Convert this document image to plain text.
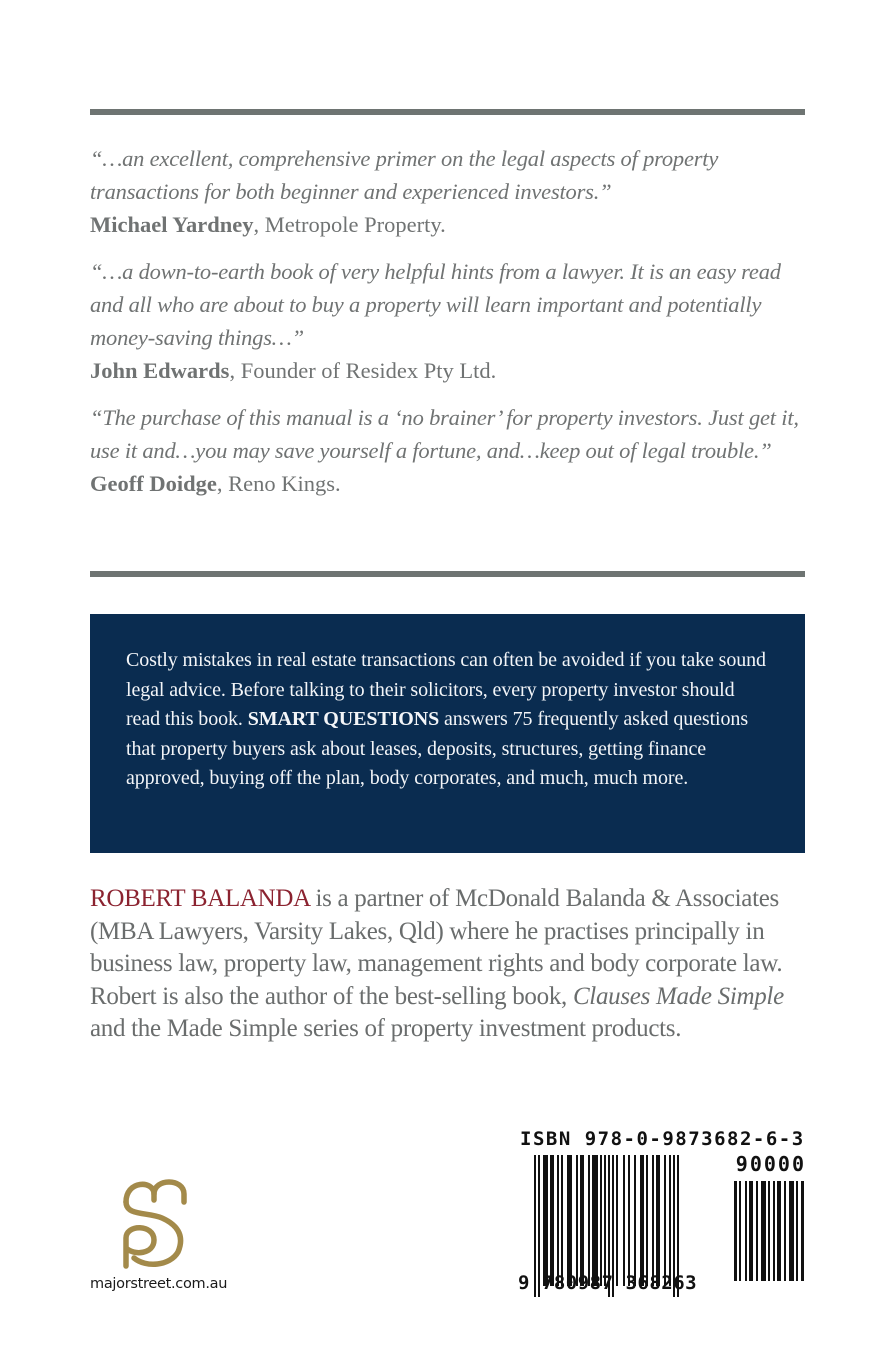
“…an excellent, comprehensive primer on the legal aspects of property transactions for both beginner and experienced investors.”
Michael Yardney, Metropole Property.
“…a down-to-earth book of very helpful hints from a lawyer. It is an easy read and all who are about to buy a property will learn important and potentially money-saving things…”
John Edwards, Founder of Residex Pty Ltd.
“The purchase of this manual is a ‘no brainer’ for property investors. Just get it, use it and…you may save yourself a fortune, and…keep out of legal trouble.”
Geoff Doidge, Reno Kings.
Costly mistakes in real estate transactions can often be avoided if you take sound legal advice. Before talking to their solicitors, every property investor should read this book. SMART QUESTIONS answers 75 frequently asked questions that property buyers ask about leases, deposits, structures, getting finance approved, buying off the plan, body corporates, and much, much more.
ROBERT BALANDA is a partner of McDonald Balanda & Associates (MBA Lawyers, Varsity Lakes, Qld) where he practises principally in business law, property law, management rights and body corporate law. Robert is also the author of the best-selling book, Clauses Made Simple and the Made Simple series of property investment products.
majorstreet.com.au
ISBN 978-0-9873682-6-3
90000
9 780987 368263
